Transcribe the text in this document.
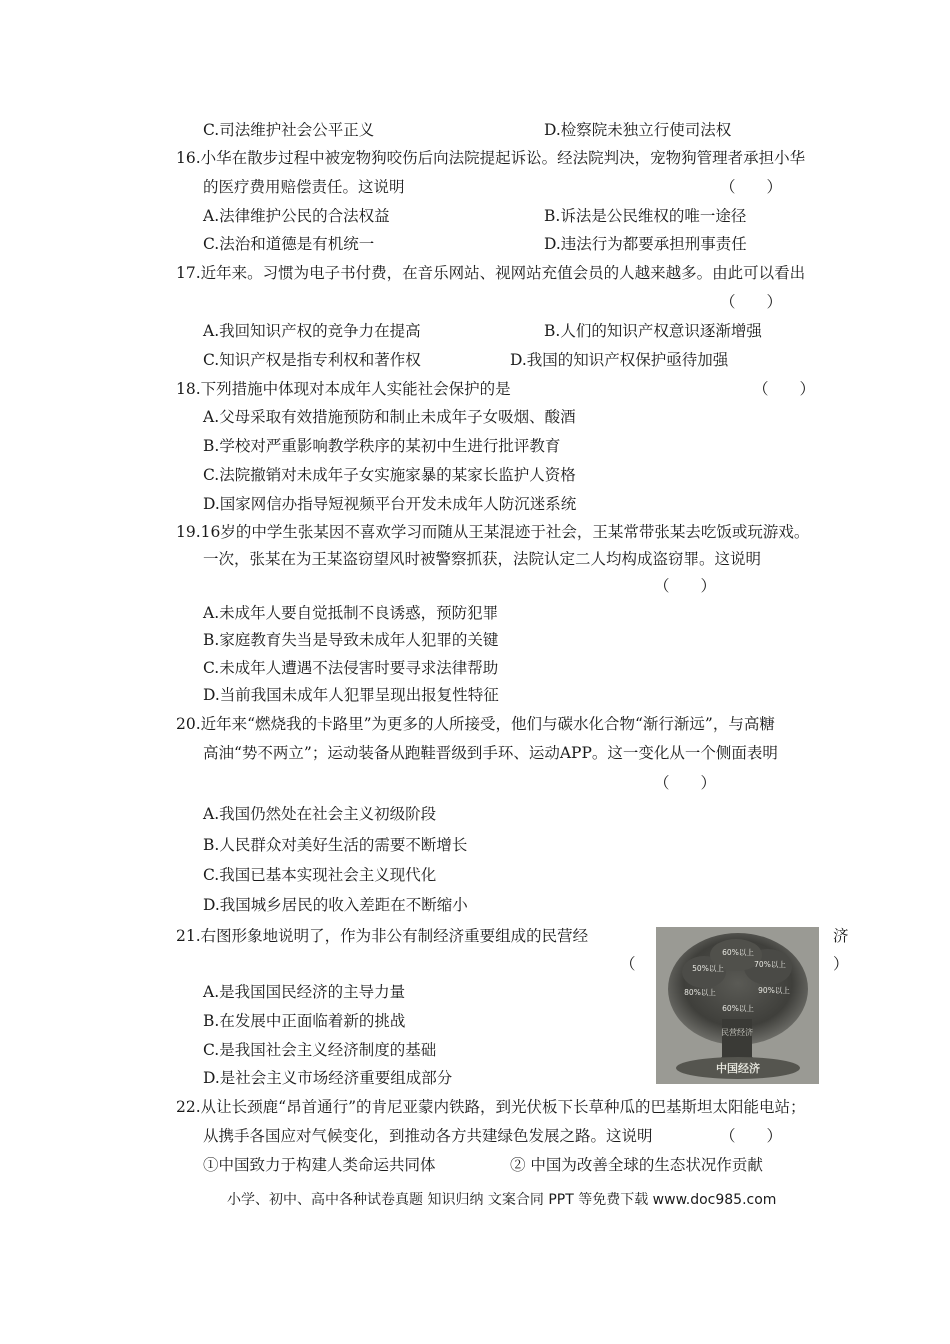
C.司法维护社会公平正义	D.检察院未独立行使司法权
16.小华在散步过程中被宠物狗咬伤后向法院提起诉讼。经法院判决，宠物狗管理者承担小华
的医疗费用赔偿责任。这说明	（　　）
A.法律维护公民的合法权益	B.诉法是公民维权的唯一途径
C.法治和道德是有机统一	D.违法行为都要承担刑事责任
17.近年来。习惯为电子书付费，在音乐网站、视网站充值会员的人越来越多。由此可以看出
（　　）
A.我回知识产权的竞争力在提高	B.人们的知识产权意识逐渐增强
C.知识产权是指专利权和著作权	D.我国的知识产权保护亟待加强
18.下列措施中体现对本成年人实能社会保护的是	（　　）
A.父母采取有效措施预防和制止未成年子女吸烟、酸酒
B.学校对严重影响教学秩序的某初中生进行批评教育
C.法院撤销对未成年子女实施家暴的某家长监护人资格
D.国家网信办指导短视频平台开发未成年人防沉迷系统
19.16岁的中学生张某因不喜欢学习而随从王某混迹于社会，王某常带张某去吃饭或玩游戏。
一次，张某在为王某盗窃望风时被警察抓获，法院认定二人均构成盗窃罪。这说明
（　　）
A.未成年人要自觉抵制不良诱惑，预防犯罪
B.家庭教育失当是导致未成年人犯罪的关键
C.未成年人遭遇不法侵害时要寻求法律帮助
D.当前我国未成年人犯罪呈现出报复性特征
20.近年来“燃烧我的卡路里”为更多的人所接受，他们与碳水化合物“渐行渐远”，与高糖
高油“势不两立”；运动装备从跑鞋晋级到手环、运动APP。这一变化从一个侧面表明
（　　）
A.我国仍然处在社会主义初级阶段
B.人民群众对美好生活的需要不断增长
C.我国已基本实现社会主义现代化
D.我国城乡居民的收入差距在不断缩小
21.右图形象地说明了，作为非公有制经济重要组成的民营经	济
（	）
A.是我国国民经济的主导力量
B.在发展中正面临着新的挑战
C.是我国社会主义经济制度的基础
D.是社会主义市场经济重要组成部分
50%以上
60%以上
70%以上
80%以上	90%以上
60%以上
民营经济
中国经济
22.从让长颈鹿“昂首通行”的肯尼亚蒙内铁路，到光伏板下长草种瓜的巴基斯坦太阳能电站；
从携手各国应对气候变化，到推动各方共建绿色发展之路。这说明	（　　）
①中国致力于构建人类命运共同体	② 中国为改善全球的生态状况作贡献
小学、初中、高中各种试卷真题 知识归纳 文案合同 PPT 等免费下载 www.doc985.com
